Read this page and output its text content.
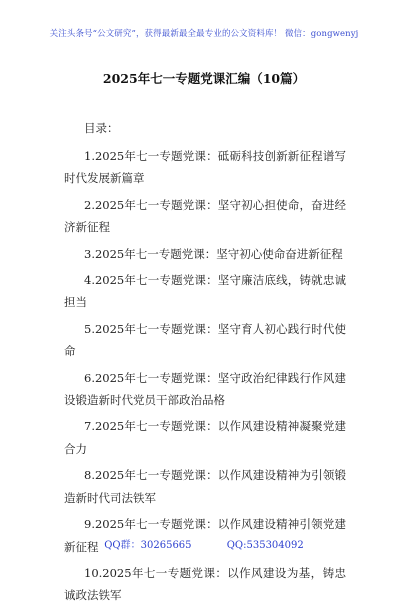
关注头条号“公文研究”，获得最新最全最专业的公文资料库！ 微信：gongwenyj
2025年七一专题党课汇编（10篇）
目录：

1.2025年七一专题党课：砥砺科技创新新征程谱写时代发展新篇章

2.2025年七一专题党课：坚守初心担使命，奋进经济新征程

3.2025年七一专题党课：坚守初心使命奋进新征程

4.2025年七一专题党课：坚守廉洁底线，铸就忠诚担当

5.2025年七一专题党课：坚守育人初心践行时代使命

6.2025年七一专题党课：坚守政治纪律践行作风建设锻造新时代党员干部政治品格

7.2025年七一专题党课：以作风建设精神凝聚党建合力

8.2025年七一专题党课：以作风建设精神为引领锻造新时代司法铁军

9.2025年七一专题党课：以作风建设精神引领党建新征程

10.2025年七一专题党课：以作风建设为基，铸忠诚政法铁军

QQ群：30265665	QQ:535304092
